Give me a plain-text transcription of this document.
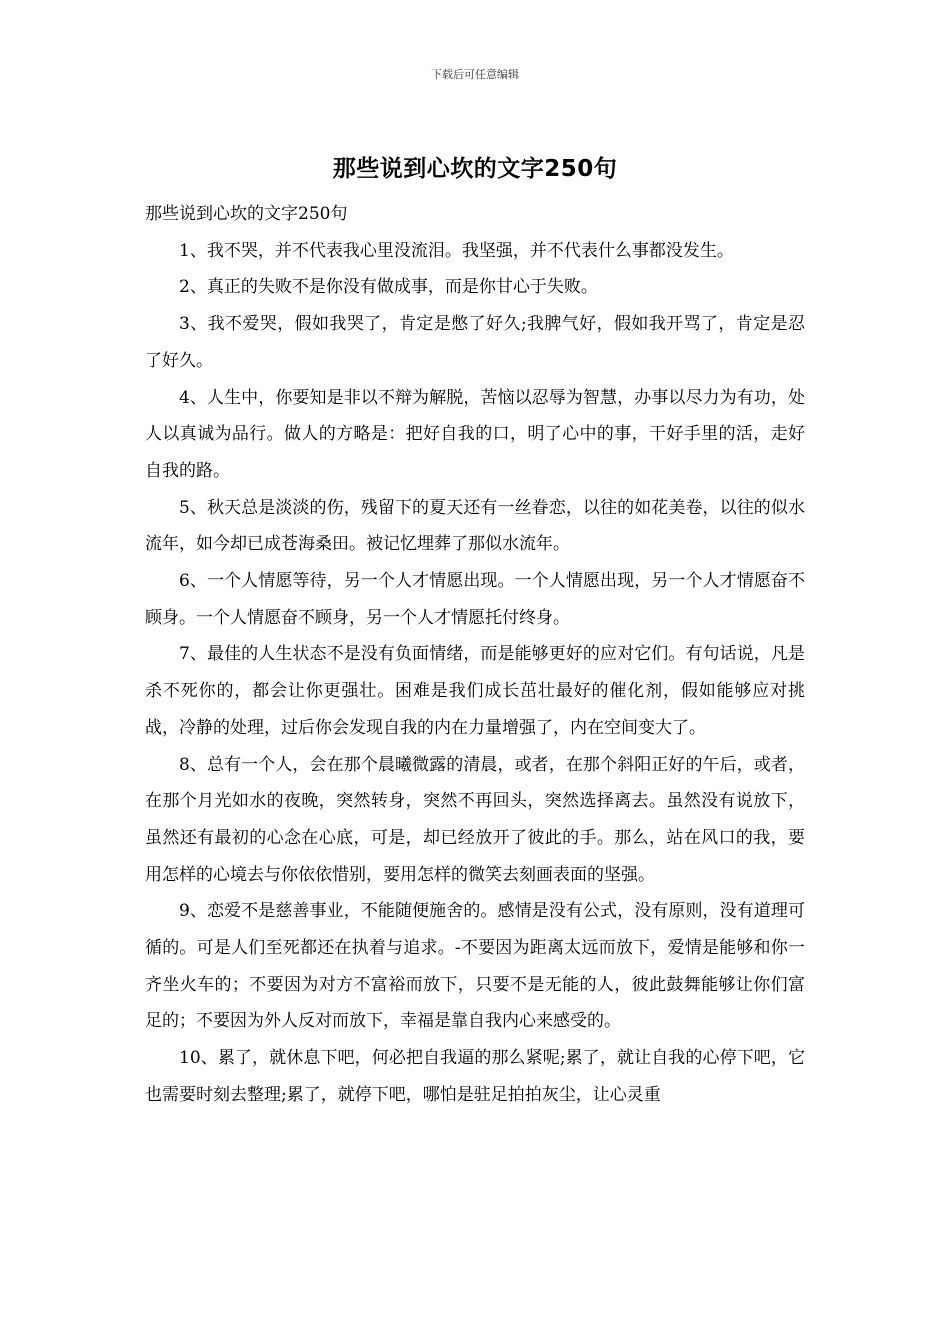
下载后可任意编辑
那些说到心坎的文字250句

那些说到心坎的文字250句

1、我不哭，并不代表我心里没流泪。我坚强，并不代表什么事都没发生。

2、真正的失败不是你没有做成事，而是你甘心于失败。

3、我不爱哭，假如我哭了，肯定是憋了好久;我脾气好，假如我开骂了，肯定是忍了好久。

4、人生中，你要知是非以不辩为解脱，苦恼以忍辱为智慧，办事以尽力为有功，处人以真诚为品行。做人的方略是：把好自我的口，明了心中的事，干好手里的活，走好自我的路。

5、秋天总是淡淡的伤，残留下的夏天还有一丝眷恋，以往的如花美卷，以往的似水流年，如今却已成苍海桑田。被记忆埋葬了那似水流年。

6、一个人情愿等待，另一个人才情愿出现。一个人情愿出现，另一个人才情愿奋不顾身。一个人情愿奋不顾身，另一个人才情愿托付终身。

7、最佳的人生状态不是没有负面情绪，而是能够更好的应对它们。有句话说，凡是杀不死你的，都会让你更强壮。困难是我们成长茁壮最好的催化剂，假如能够应对挑战，冷静的处理，过后你会发现自我的内在力量增强了，内在空间变大了。

8、总有一个人，会在那个晨曦微露的清晨，或者，在那个斜阳正好的午后，或者，在那个月光如水的夜晚，突然转身，突然不再回头，突然选择离去。虽然没有说放下，虽然还有最初的心念在心底，可是，却已经放开了彼此的手。那么，站在风口的我，要用怎样的心境去与你依依惜别，要用怎样的微笑去刻画表面的坚强。

9、恋爱不是慈善事业，不能随便施舍的。感情是没有公式，没有原则，没有道理可循的。可是人们至死都还在执着与追求。-不要因为距离太远而放下，爱情是能够和你一齐坐火车的；不要因为对方不富裕而放下，只要不是无能的人，彼此鼓舞能够让你们富足的；不要因为外人反对而放下，幸福是靠自我内心来感受的。

10、累了，就休息下吧，何必把自我逼的那么紧呢;累了，就让自我的心停下吧，它也需要时刻去整理;累了，就停下吧，哪怕是驻足拍拍灰尘，让心灵重
